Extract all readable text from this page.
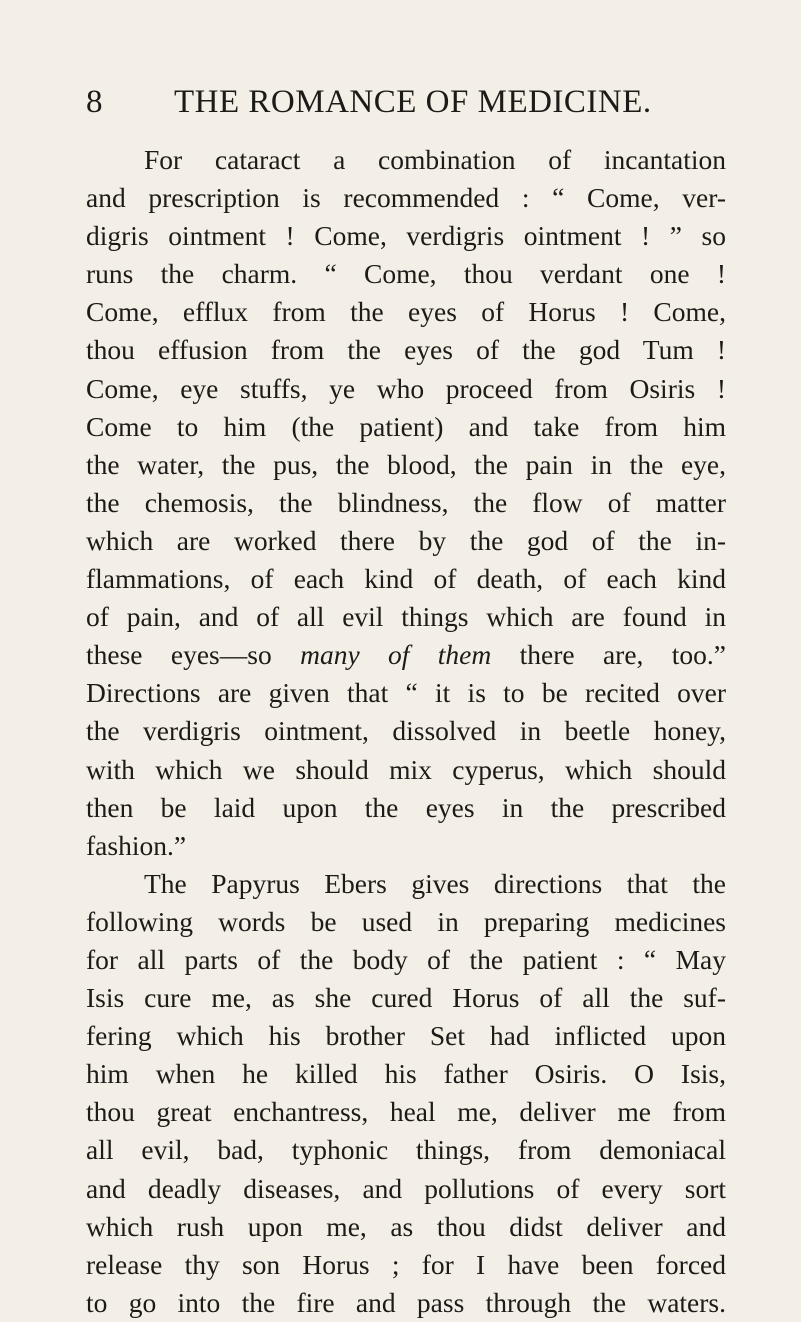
8 THE ROMANCE OF MEDICINE.
For cataract a combination of incantation
and prescription is recommended : “ Come, ver-
digris ointment ! Come, verdigris ointment ! ” so
runs the charm. “ Come, thou verdant one !
Come, efflux from the eyes of Horus ! Come,
thou effusion from the eyes of the god Tum !
Come, eye stuffs, ye who proceed from Osiris !
Come to him (the patient) and take from him
the water, the pus, the blood, the pain in the eye,
the chemosis, the blindness, the flow of matter
which are worked there by the god of the in-
flammations, of each kind of death, of each kind
of pain, and of all evil things which are found in
these eyes—so many of them there are, too.”
Directions are given that “ it is to be recited over
the verdigris ointment, dissolved in beetle honey,
with which we should mix cyperus, which should
then be laid upon the eyes in the prescribed
fashion.”
The Papyrus Ebers gives directions that the
following words be used in preparing medicines
for all parts of the body of the patient : “ May
Isis cure me, as she cured Horus of all the suf-
fering which his brother Set had inflicted upon
him when he killed his father Osiris. O Isis,
thou great enchantress, heal me, deliver me from
all evil, bad, typhonic things, from demoniacal
and deadly diseases, and pollutions of every sort
which rush upon me, as thou didst deliver and
release thy son Horus ; for I have been forced
to go into the fire and pass through the waters.
